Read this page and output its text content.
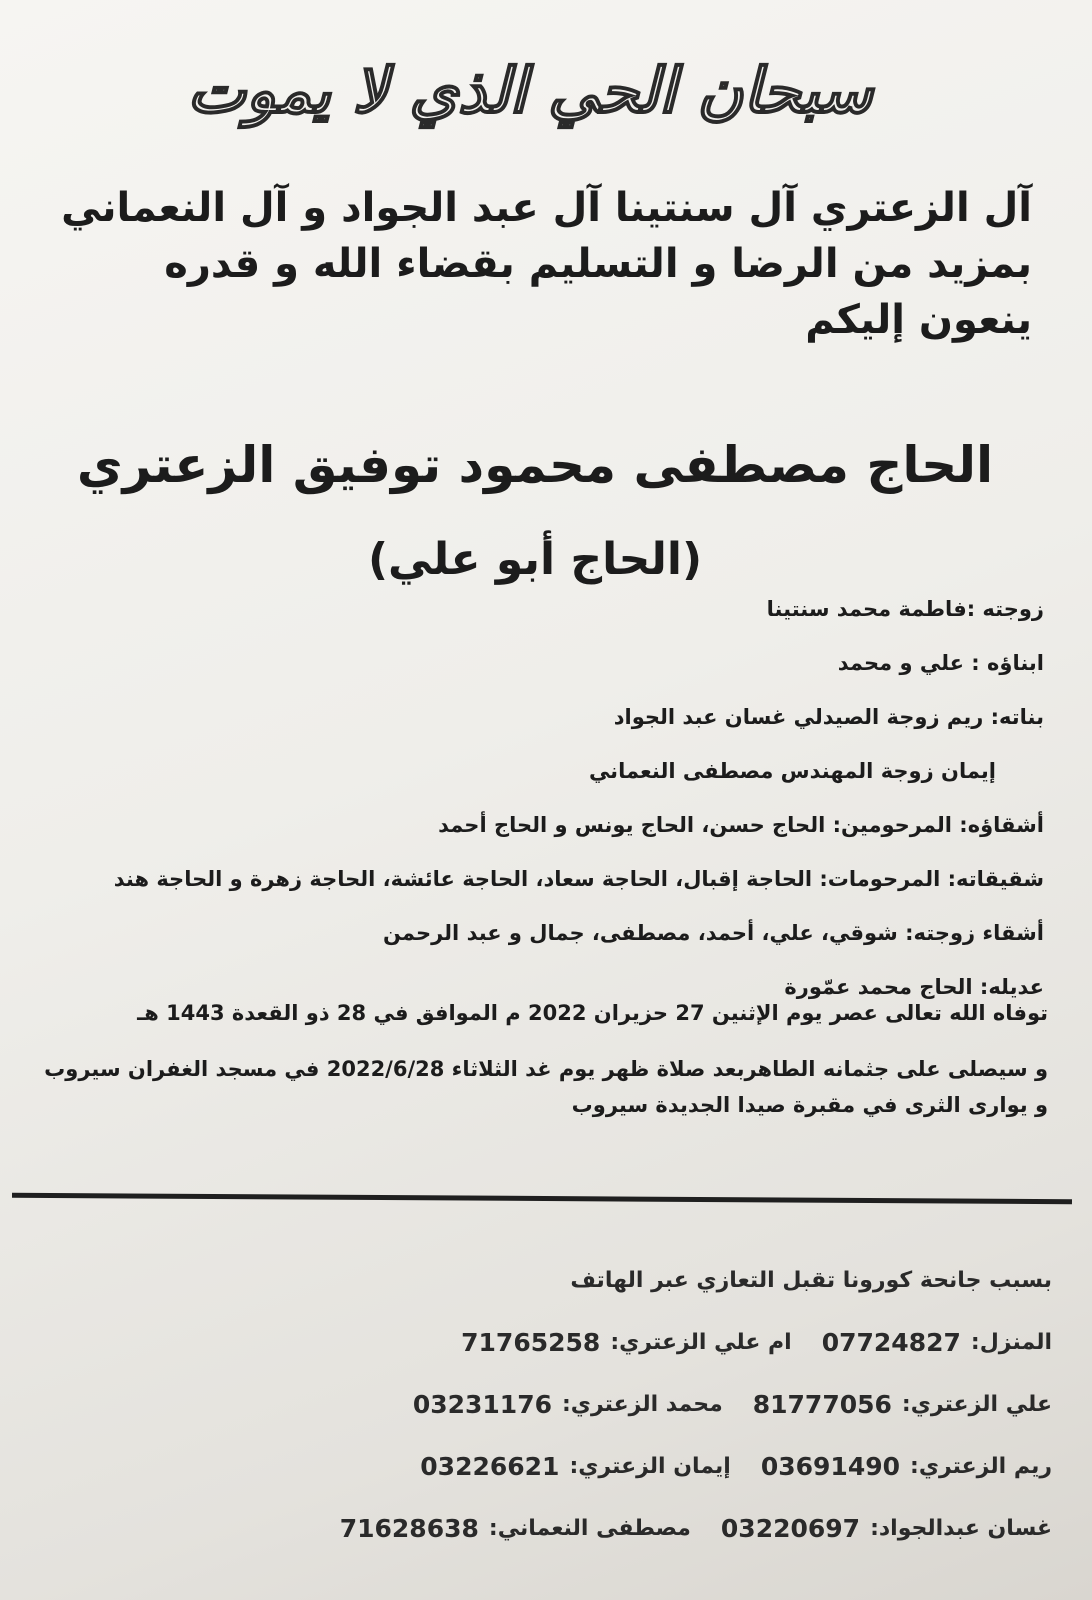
سبحان الحي الذي لا يموت
آل الزعتري آل سنتينا آل عبد الجواد و آل النعماني
بمزيد من الرضا و التسليم بقضاء الله و قدره ينعون إليكم
الحاج مصطفى محمود توفيق الزعتري
(الحاج أبو علي)
زوجته :فاطمة محمد سنتينا
ابناؤه : علي و محمد
بناته: ريم زوجة الصيدلي غسان عبد الجواد
إيمان زوجة المهندس مصطفى النعماني
أشقاؤه: المرحومين: الحاج حسن، الحاج يونس و الحاج أحمد
شقيقاته: المرحومات: الحاجة إقبال، الحاجة سعاد، الحاجة عائشة، الحاجة زهرة و الحاجة هند
أشقاء زوجته: شوقي، علي، أحمد، مصطفى، جمال و عبد الرحمن
عديله: الحاج محمد عمّورة
توفاه الله تعالى عصر يوم الإثنين 27 حزيران 2022 م الموافق في 28 ذو القعدة 1443 هـ
و سيصلى على جثمانه الطاهربعد صلاة ظهر يوم غد الثلاثاء 2022/6/28 في مسجد الغفران سيروب
و يوارى الثرى في مقبرة صيدا الجديدة سيروب
بسبب جانحة كورونا تقبل التعازي عبر الهاتف
المنزل:
07724827
ام علي الزعتري:
71765258
علي الزعتري:
81777056
محمد الزعتري:
03231176
ريم الزعتري:
03691490
إيمان الزعتري:
03226621
غسان عبدالجواد:
03220697
مصطفى النعماني:
71628638
